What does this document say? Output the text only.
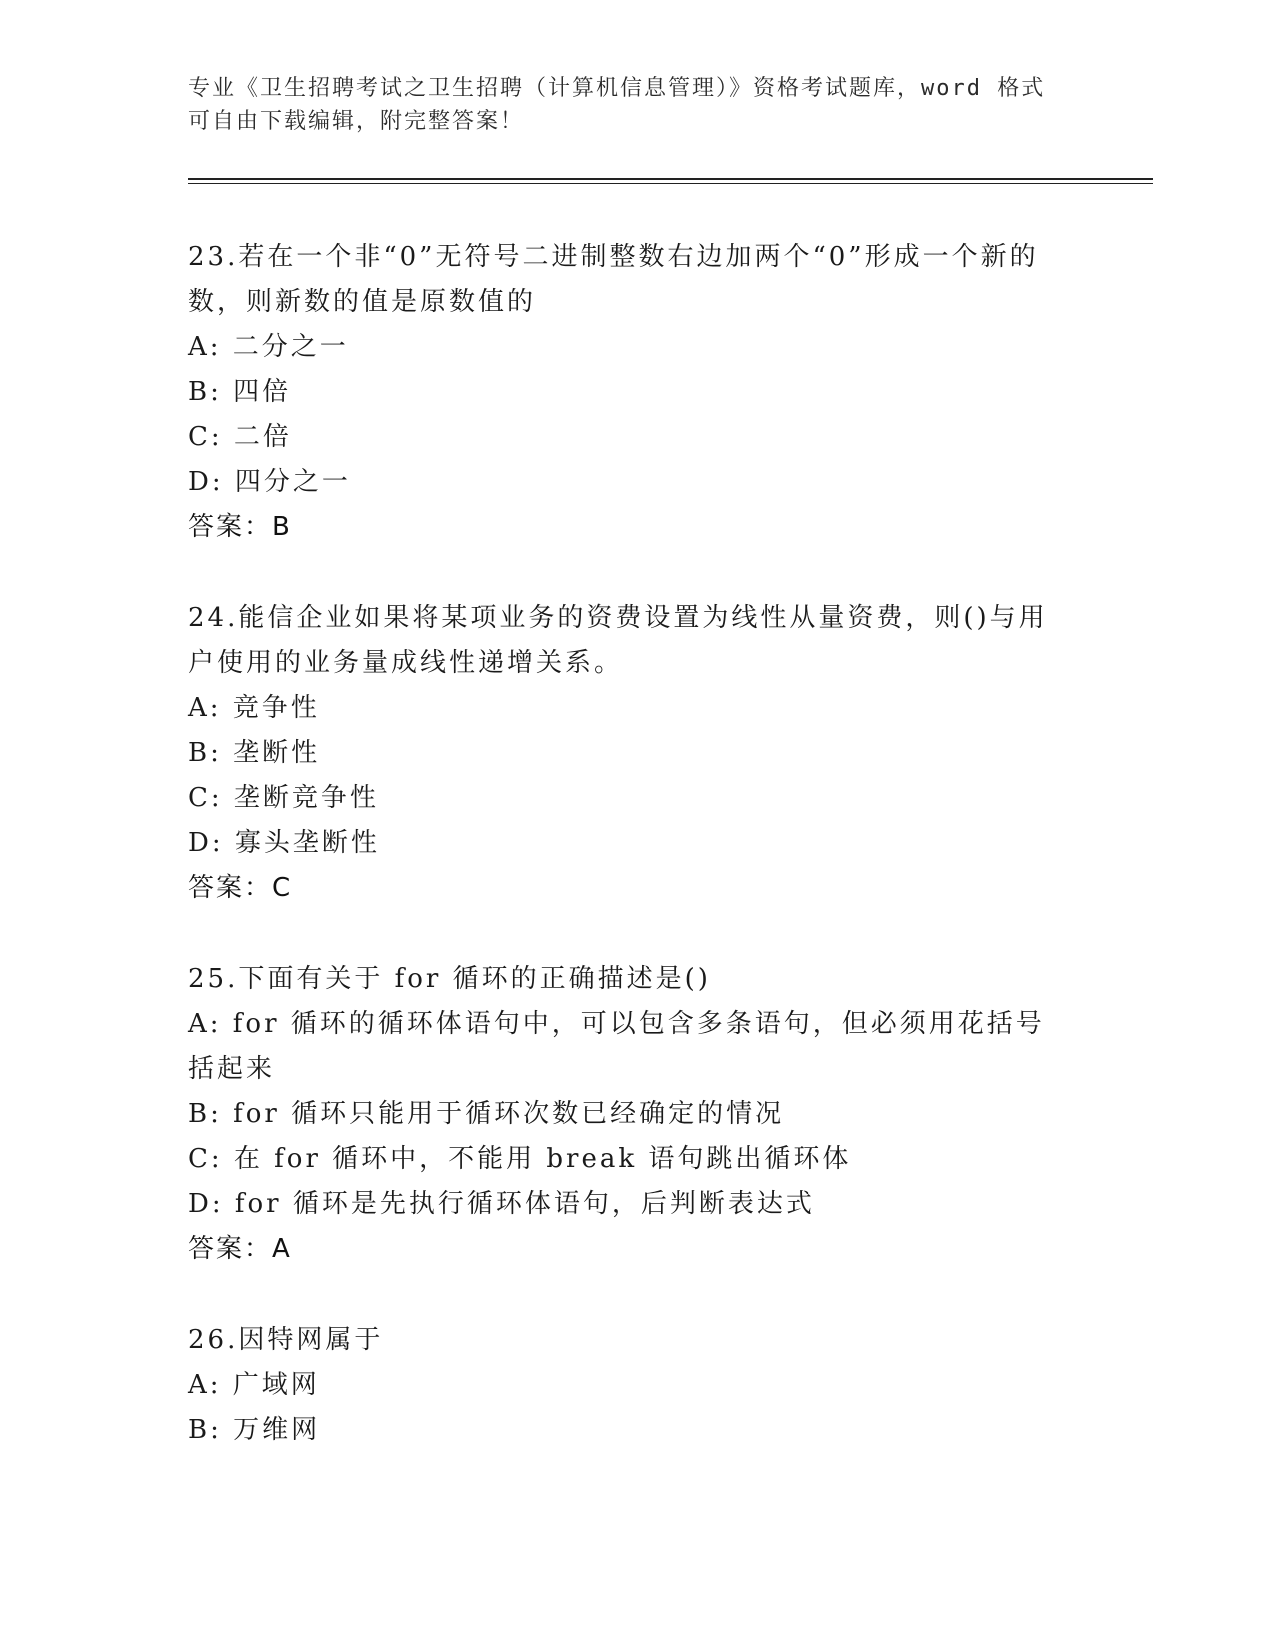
专业《卫生招聘考试之卫生招聘（计算机信息管理）》资格考试题库，word 格式
可自由下载编辑，附完整答案！

23.若在一个非“0”无符号二进制整数右边加两个“0”形成一个新的数，则新数的值是原数值的

A: 二分之一

B: 四倍

C: 二倍

D: 四分之一

答案：B

24.能信企业如果将某项业务的资费设置为线性从量资费，则()与用户使用的业务量成线性递增关系。

A: 竞争性

B: 垄断性

C: 垄断竞争性

D: 寡头垄断性

答案：C

25.下面有关于 for 循环的正确描述是()

A: for 循环的循环体语句中，可以包含多条语句，但必须用花括号括起来

B: for 循环只能用于循环次数已经确定的情况

C: 在 for 循环中，不能用 break 语句跳出循环体

D: for 循环是先执行循环体语句，后判断表达式

答案：A

26.因特网属于

A: 广域网

B: 万维网
